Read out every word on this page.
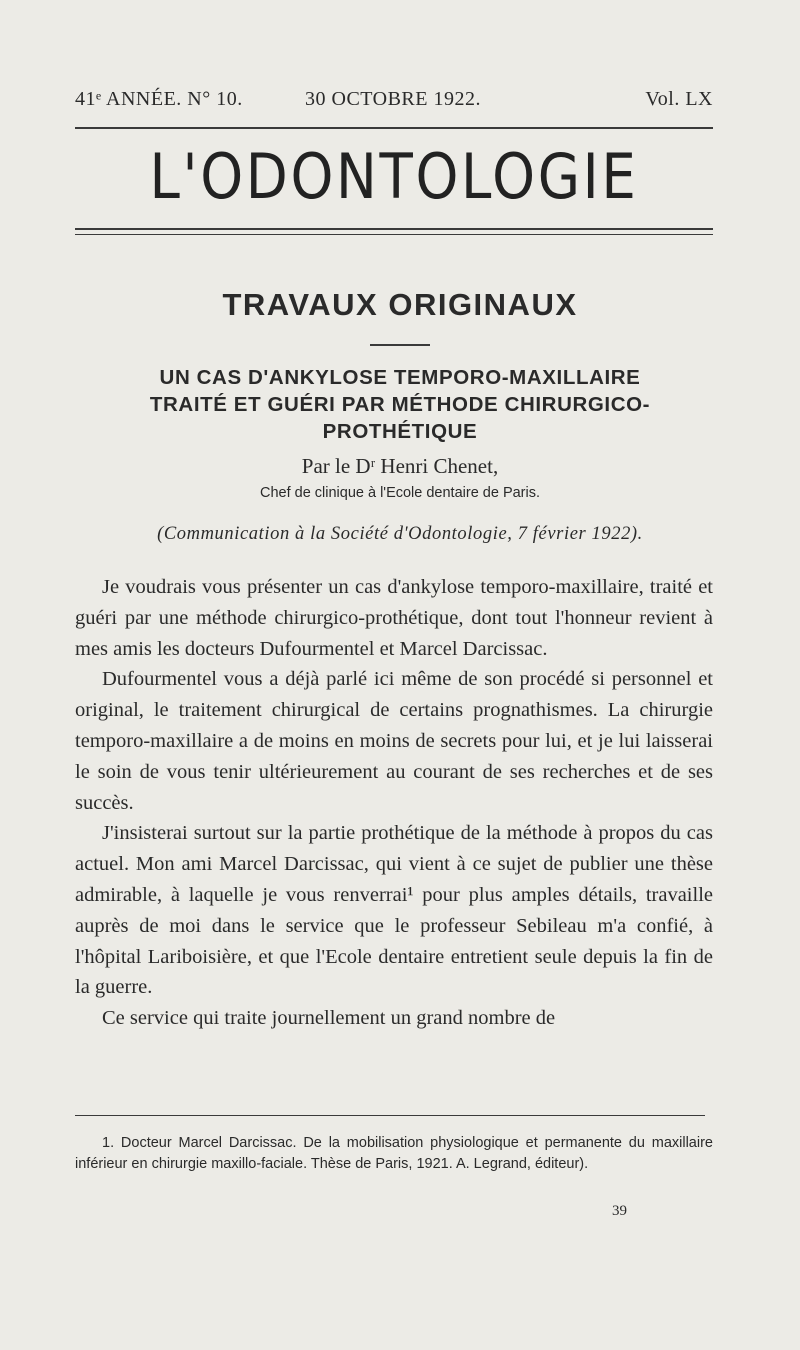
41ᵉ ANNÉE. N° 10.	30 OCTOBRE 1922.	Vol. LX
L'ODONTOLOGIE
TRAVAUX ORIGINAUX
UN CAS D'ANKYLOSE TEMPORO-MAXILLAIRE
TRAITÉ ET GUÉRI PAR MÉTHODE CHIRURGICO-
PROTHÉTIQUE
Par le Dʳ Henri Chenet,
Chef de clinique à l'Ecole dentaire de Paris.
(Communication à la Société d'Odontologie, 7 février 1922).

Je voudrais vous présenter un cas d'ankylose temporo-maxillaire, traité et guéri par une méthode chirurgico-prothétique, dont tout l'honneur revient à mes amis les docteurs Dufourmentel et Marcel Darcissac.

Dufourmentel vous a déjà parlé ici même de son procédé si personnel et original, le traitement chirurgical de certains prognathismes. La chirurgie temporo-maxillaire a de moins en moins de secrets pour lui, et je lui laisserai le soin de vous tenir ultérieurement au courant de ses recherches et de ses succès.

J'insisterai surtout sur la partie prothétique de la méthode à propos du cas actuel. Mon ami Marcel Darcissac, qui vient à ce sujet de publier une thèse admirable, à laquelle je vous renverrai¹ pour plus amples détails, travaille auprès de moi dans le service que le professeur Sebileau m'a confié, à l'hôpital Lariboisière, et que l'Ecole dentaire entretient seule depuis la fin de la guerre.

Ce service qui traite journellement un grand nombre de

1. Docteur Marcel Darcissac. De la mobilisation physiologique et permanente du maxillaire inférieur en chirurgie maxillo-faciale. Thèse de Paris, 1921. A. Legrand, éditeur).
39
